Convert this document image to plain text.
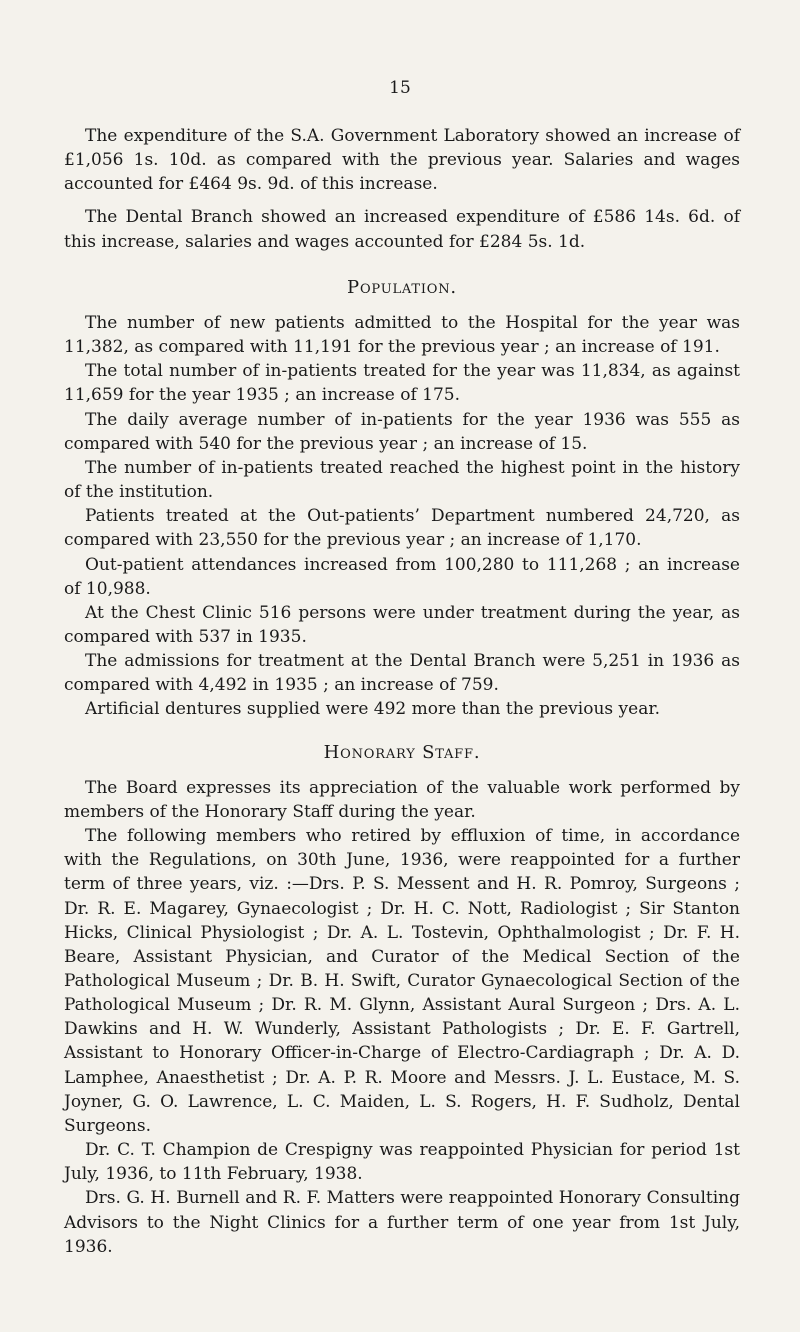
15

The expenditure of the S.A. Government Laboratory showed an increase of £1,056 1s. 10d. as compared with the previous year. Salaries and wages accounted for £464 9s. 9d. of this increase.

The Dental Branch showed an increased expenditure of £586 14s. 6d. of this increase, salaries and wages accounted for £284 5s. 1d.

Population.

The number of new patients admitted to the Hospital for the year was 11,382, as compared with 11,191 for the previous year ; an increase of 191.

The total number of in-patients treated for the year was 11,834, as against 11,659 for the year 1935 ; an increase of 175.

The daily average number of in-patients for the year 1936 was 555 as compared with 540 for the previous year ; an increase of 15.

The number of in-patients treated reached the highest point in the history of the institution.

Patients treated at the Out-patients’ Department numbered 24,720, as compared with 23,550 for the previous year ; an increase of 1,170.

Out-patient attendances increased from 100,280 to 111,268 ; an increase of 10,988.

At the Chest Clinic 516 persons were under treatment during the year, as compared with 537 in 1935.

The admissions for treatment at the Dental Branch were 5,251 in 1936 as compared with 4,492 in 1935 ; an increase of 759.

Artificial dentures supplied were 492 more than the previous year.

Honorary Staff.

The Board expresses its appreciation of the valuable work performed by members of the Honorary Staff during the year.

The following members who retired by effluxion of time, in accordance with the Regulations, on 30th June, 1936, were reappointed for a further term of three years, viz. :—Drs. P. S. Messent and H. R. Pomroy, Surgeons ; Dr. R. E. Magarey, Gynaecologist ; Dr. H. C. Nott, Radiologist ; Sir Stanton Hicks, Clinical Physiologist ; Dr. A. L. Tostevin, Ophthalmologist ; Dr. F. H. Beare, Assistant Physician, and Curator of the Medical Section of the Pathological Museum ; Dr. B. H. Swift, Curator Gynaecological Section of the Pathological Museum ; Dr. R. M. Glynn, Assistant Aural Surgeon ; Drs. A. L. Dawkins and H. W. Wunderly, Assistant Pathologists ; Dr. E. F. Gartrell, Assistant to Honorary Officer-in-Charge of Electro-Cardiagraph ; Dr. A. D. Lamphee, Anaesthetist ; Dr. A. P. R. Moore and Messrs. J. L. Eustace, M. S. Joyner, G. O. Lawrence, L. C. Maiden, L. S. Rogers, H. F. Sudholz, Dental Surgeons.

Dr. C. T. Champion de Crespigny was reappointed Physician for period 1st July, 1936, to 11th February, 1938.

Drs. G. H. Burnell and R. F. Matters were reappointed Honorary Consulting Advisors to the Night Clinics for a further term of one year from 1st July, 1936.
